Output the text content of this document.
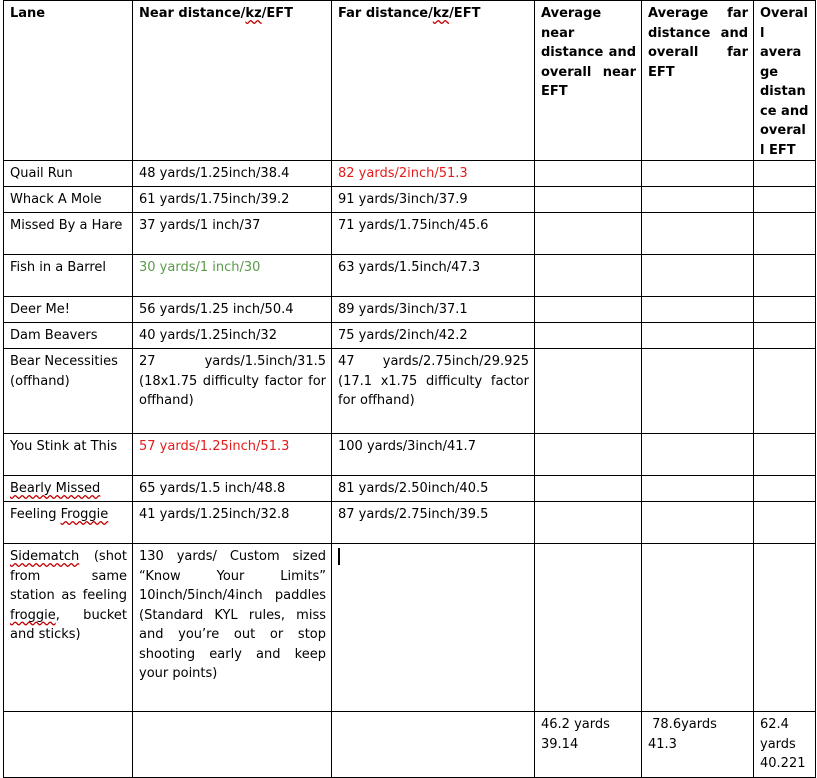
Lane	Near distance/kz/EFT	Far distance/kz/EFT	Average near distance and overall near EFT	Average far distance and overall far EFT	Overall average distance and overall EFT
Quail Run	48 yards/1.25inch/38.4	82 yards/2inch/51.3			
Whack A Mole	61 yards/1.75inch/39.2	91 yards/3inch/37.9			
Missed By a Hare	37 yards/1 inch/37	71 yards/1.75inch/45.6			
Fish in a Barrel	30 yards/1 inch/30	63 yards/1.5inch/47.3			
Deer Me!	56 yards/1.25 inch/50.4	89 yards/3inch/37.1			
Dam Beavers	40 yards/1.25inch/32	75 yards/2inch/42.2			
Bear Necessities (offhand)	27 yards/1.5inch/31.5 (18x1.75 difficulty factor for offhand)	47 yards/2.75inch/29.925 (17.1 x1.75 difficulty factor for offhand)			
You Stink at This	57 yards/1.25inch/51.3	100 yards/3inch/41.7			
Bearly Missed	65 yards/1.5 inch/48.8	81 yards/2.50inch/40.5			
Feeling Froggie	41 yards/1.25inch/32.8	87 yards/2.75inch/39.5			
Sidematch (shot from same station as feeling froggie, bucket and sticks)	130 yards/ Custom sized “Know Your Limits” 10inch/5inch/4inch paddles (Standard KYL rules, miss and you’re out or stop shooting early and keep your points)				
			46.2 yards 39.14	78.6yards 41.3	62.4 yards 40.221
